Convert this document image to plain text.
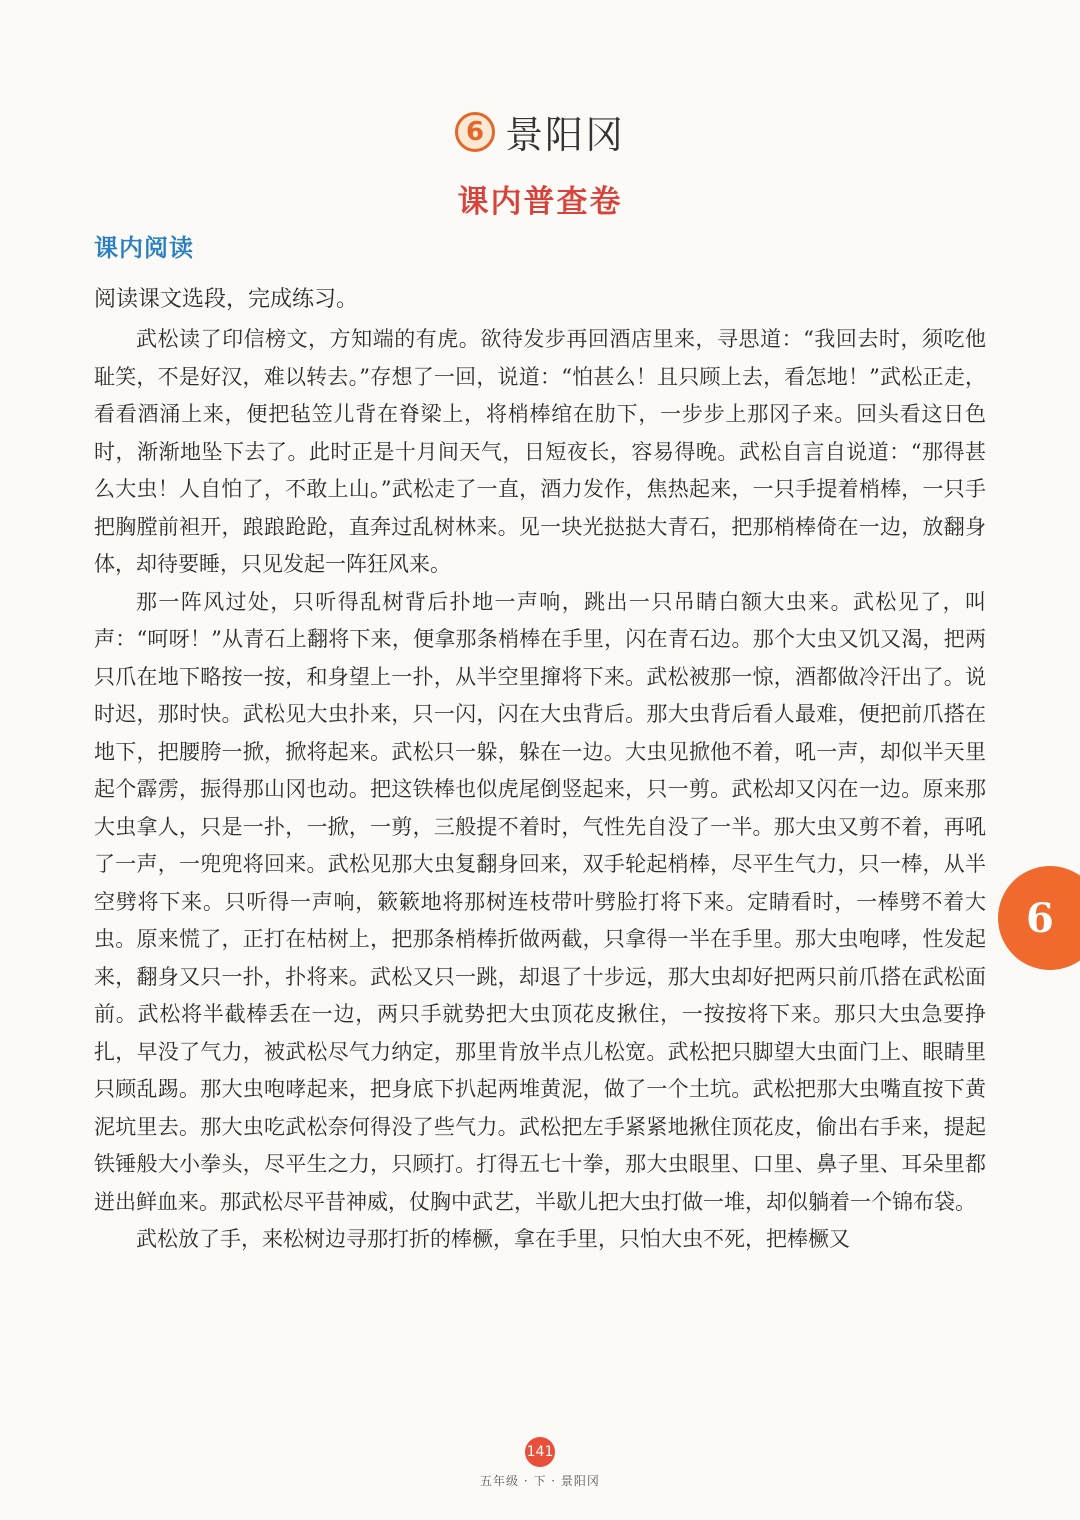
6 景阳冈
课内普查卷
课内阅读
阅读课文选段，完成练习。

武松读了印信榜文，方知端的有虎。欲待发步再回酒店里来，寻思道：“我回去时，须吃他耻笑，不是好汉，难以转去。”存想了一回，说道：“怕甚么！且只顾上去，看怎地！”武松正走，看看酒涌上来，便把毡笠儿背在脊梁上，将梢棒绾在肋下，一步步上那冈子来。回头看这日色时，渐渐地坠下去了。此时正是十月间天气，日短夜长，容易得晚。武松自言自说道：“那得甚么大虫！人自怕了，不敢上山。”武松走了一直，酒力发作，焦热起来，一只手提着梢棒，一只手把胸膛前袒开，踉踉跄跄，直奔过乱树林来。见一块光挞挞大青石，把那梢棒倚在一边，放翻身体，却待要睡，只见发起一阵狂风来。

那一阵风过处，只听得乱树背后扑地一声响，跳出一只吊睛白额大虫来。武松见了，叫声：“呵呀！”从青石上翻将下来，便拿那条梢棒在手里，闪在青石边。那个大虫又饥又渴，把两只爪在地下略按一按，和身望上一扑，从半空里撺将下来。武松被那一惊，酒都做冷汗出了。说时迟，那时快。武松见大虫扑来，只一闪，闪在大虫背后。那大虫背后看人最难，便把前爪搭在地下，把腰胯一掀，掀将起来。武松只一躲，躲在一边。大虫见掀他不着，吼一声，却似半天里起个霹雳，振得那山冈也动。把这铁棒也似虎尾倒竖起来，只一剪。武松却又闪在一边。原来那大虫拿人，只是一扑，一掀，一剪，三般提不着时，气性先自没了一半。那大虫又剪不着，再吼了一声，一兜兜将回来。武松见那大虫复翻身回来，双手轮起梢棒，尽平生气力，只一棒，从半空劈将下来。只听得一声响，簌簌地将那树连枝带叶劈脸打将下来。定睛看时，一棒劈不着大虫。原来慌了，正打在枯树上，把那条梢棒折做两截，只拿得一半在手里。那大虫咆哮，性发起来，翻身又只一扑，扑将来。武松又只一跳，却退了十步远，那大虫却好把两只前爪搭在武松面前。武松将半截棒丢在一边，两只手就势把大虫顶花皮揪住，一按按将下来。那只大虫急要挣扎，早没了气力，被武松尽气力纳定，那里肯放半点儿松宽。武松把只脚望大虫面门上、眼睛里只顾乱踢。那大虫咆哮起来，把身底下扒起两堆黄泥，做了一个土坑。武松把那大虫嘴直按下黄泥坑里去。那大虫吃武松奈何得没了些气力。武松把左手紧紧地揪住顶花皮，偷出右手来，提起铁锤般大小拳头，尽平生之力，只顾打。打得五七十拳，那大虫眼里、口里、鼻子里、耳朵里都迸出鲜血来。那武松尽平昔神威，仗胸中武艺，半歇儿把大虫打做一堆，却似躺着一个锦布袋。

武松放了手，来松树边寻那打折的棒橛，拿在手里，只怕大虫不死，把棒橛又

6
141
五年级 · 下 · 景阳冈
